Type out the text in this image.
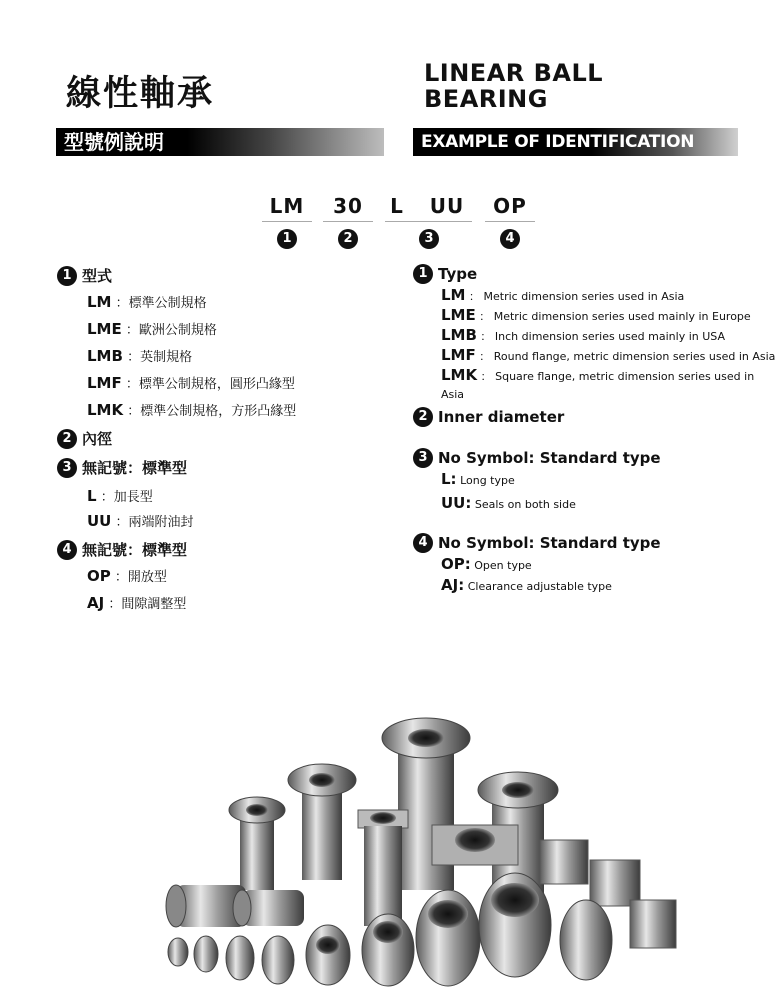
線性軸承
LINEAR BALL
BEARING
型號例說明	EXAMPLE OF IDENTIFICATION NUMBER
LM	30	L	UU	OP
1	2	3	4
1 型式
LM ：標準公制規格
LME ：歐洲公制規格
LMB ：英制規格
LMF ：標準公制規格，圓形凸緣型
LMK ：標準公制規格，方形凸緣型
2 內徑
3 無記號：標準型
L ：加長型
UU ：兩端附油封
4 無記號：標準型
OP ：開放型
AJ ：間隙調整型
1 Type
LM ： Metric dimension series used in Asia
LME ： Metric dimension series used mainly in Europe
LMB ： Inch dimension series used mainly in USA
LMF ： Round flange, metric dimension series used in Asia
LMK ： Square flange, metric dimension series used in Asia
2 Inner diameter
3 No Symbol: Standard type
L: Long type
UU: Seals on both side
4 No Symbol: Standard type
OP: Open type
AJ: Clearance adjustable type
